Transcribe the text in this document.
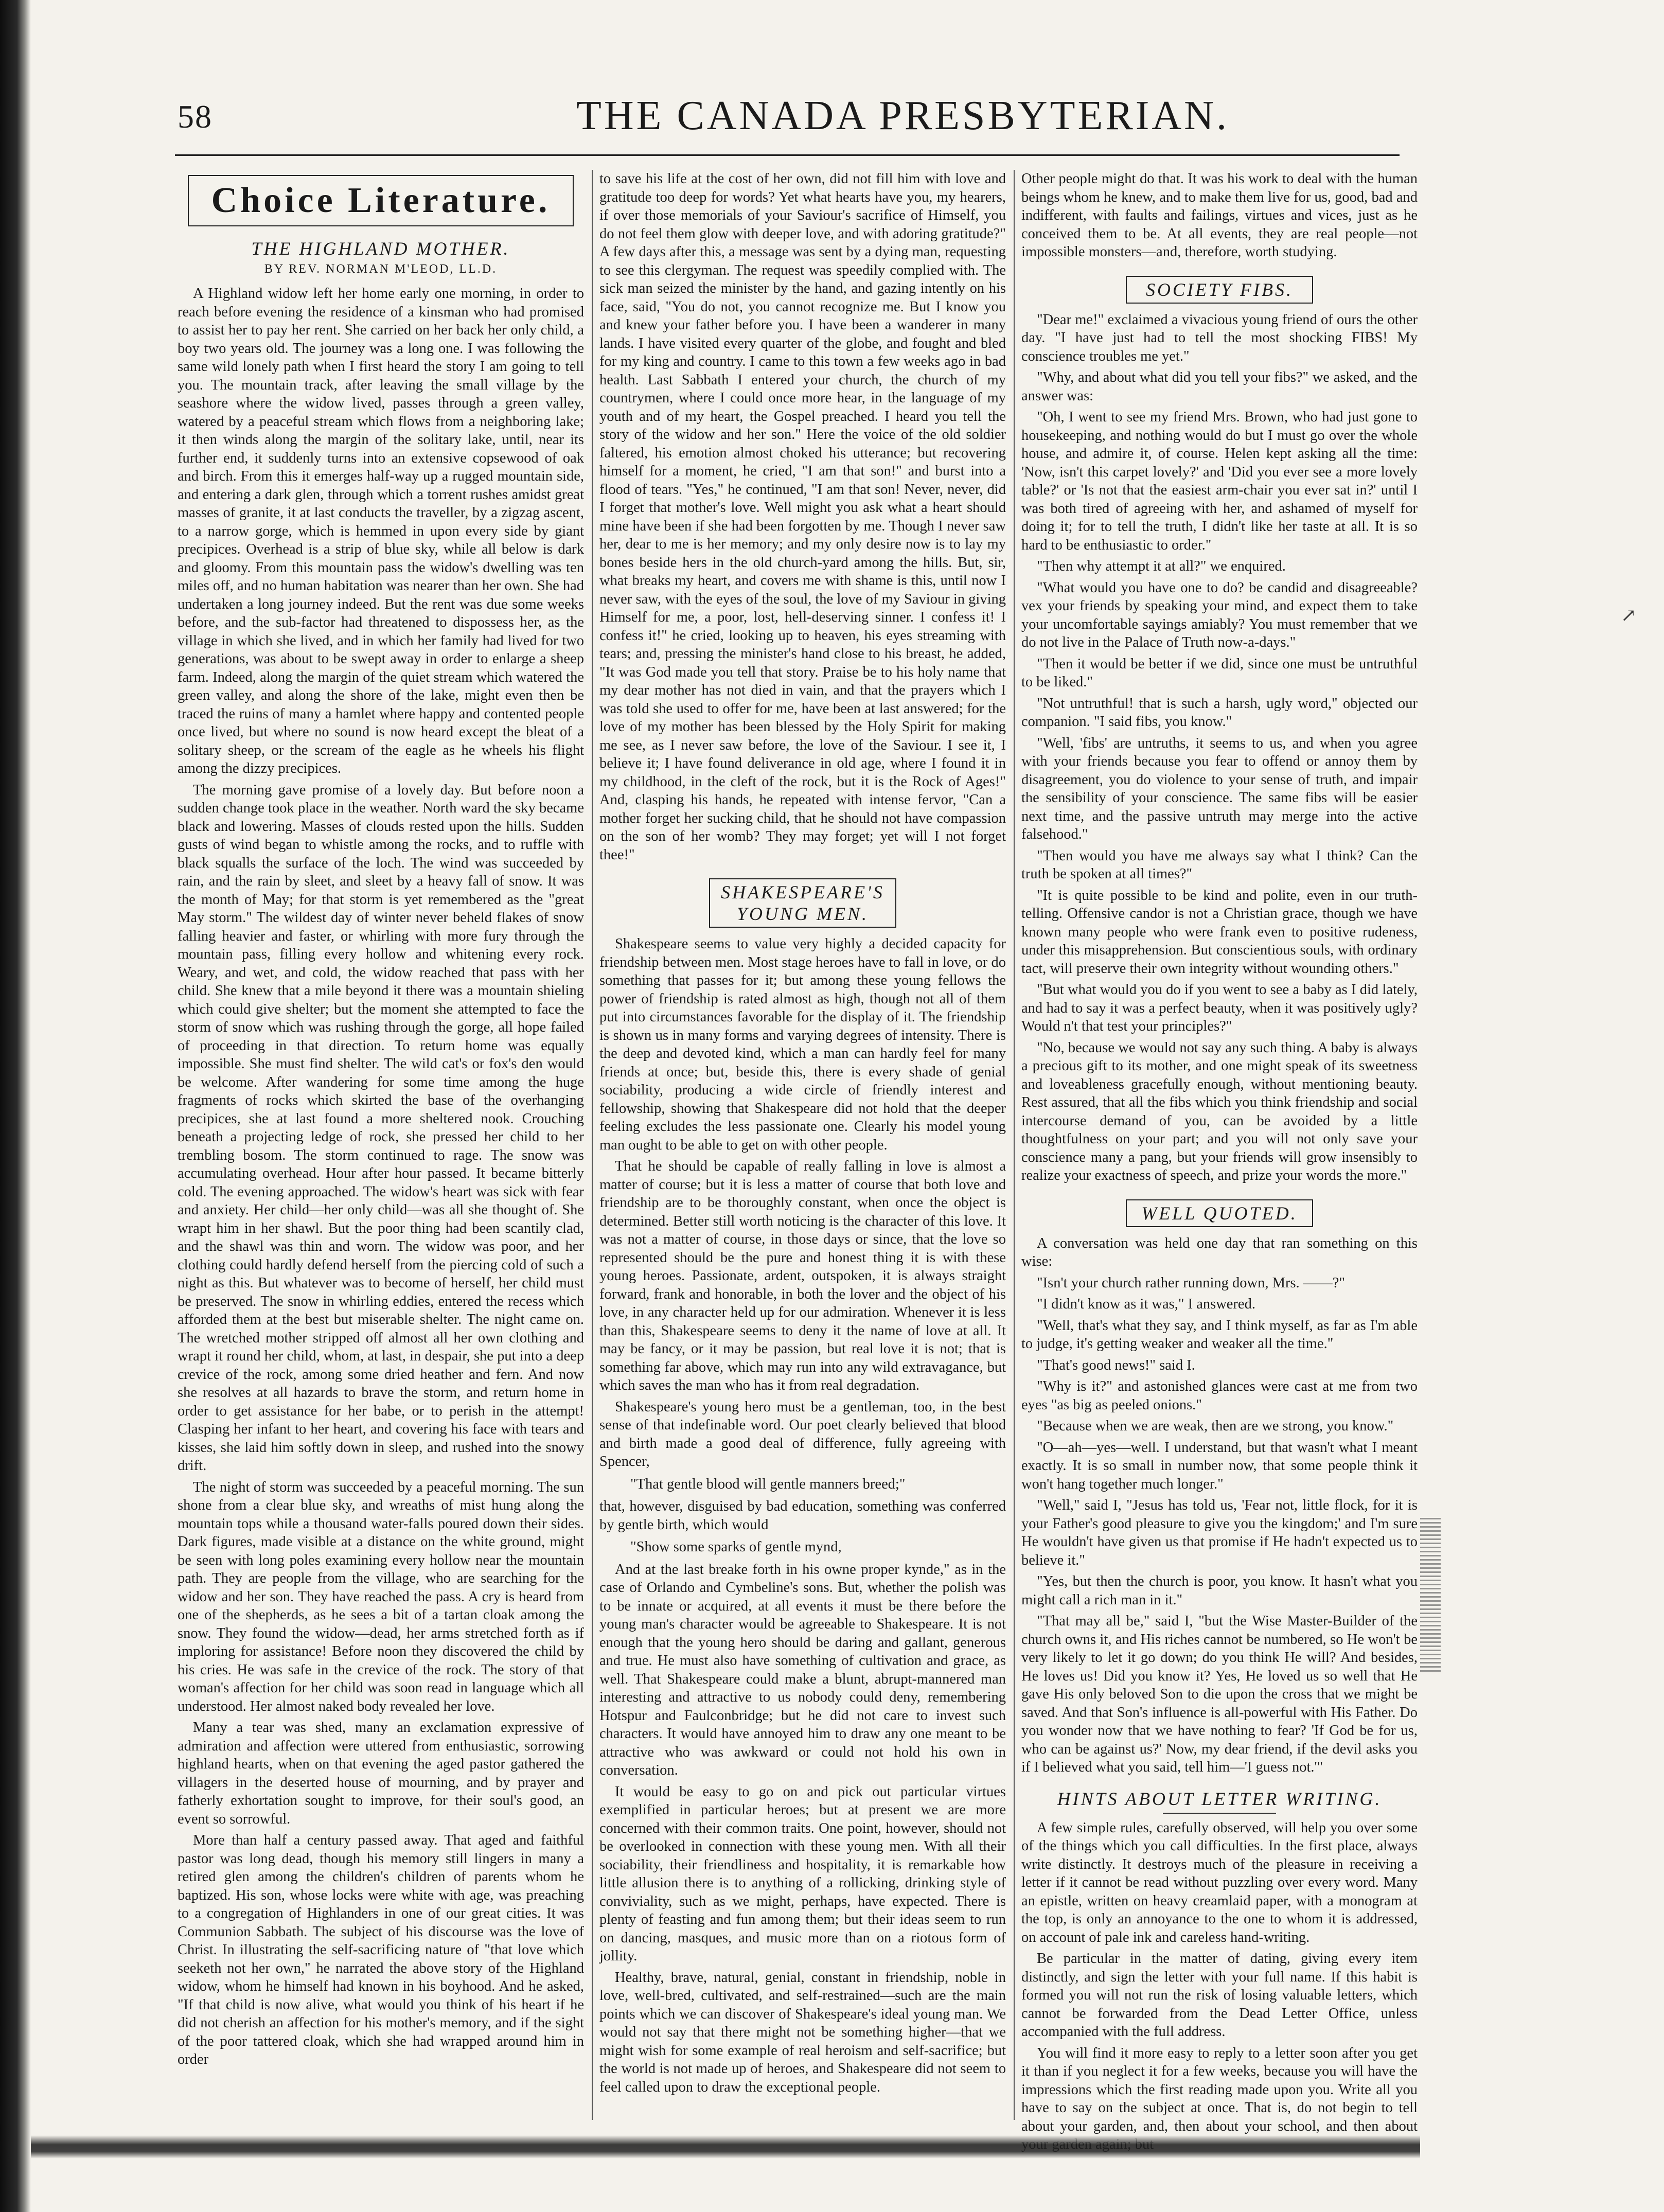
58	THE CANADA PRESBYTERIAN.
Choice Literature.
THE HIGHLAND MOTHER.
BY REV. NORMAN M'LEOD, LL.D.

A Highland widow left her home early one morning, in order to reach before evening the residence of a kinsman who had promised to assist her to pay her rent. She carried on her back her only child, a boy two years old. The journey was a long one. I was following the same wild lonely path when I first heard the story I am going to tell you. The mountain track, after leaving the small village by the seashore where the widow lived, passes through a green valley, watered by a peaceful stream which flows from a neighboring lake; it then winds along the margin of the solitary lake, until, near its further end, it suddenly turns into an extensive copsewood of oak and birch. From this it emerges half-way up a rugged mountain side, and entering a dark glen, through which a torrent rushes amidst great masses of granite, it at last conducts the traveller, by a zigzag ascent, to a narrow gorge, which is hemmed in upon every side by giant precipices. Overhead is a strip of blue sky, while all below is dark and gloomy. From this mountain pass the widow's dwelling was ten miles off, and no human habitation was nearer than her own. She had undertaken a long journey indeed. But the rent was due some weeks before, and the sub-factor had threatened to dispossess her, as the village in which she lived, and in which her family had lived for two generations, was about to be swept away in order to enlarge a sheep farm. Indeed, along the margin of the quiet stream which watered the green valley, and along the shore of the lake, might even then be traced the ruins of many a hamlet where happy and contented people once lived, but where no sound is now heard except the bleat of a solitary sheep, or the scream of the eagle as he wheels his flight among the dizzy precipices.

The morning gave promise of a lovely day. But before noon a sudden change took place in the weather. North ward the sky became black and lowering. Masses of clouds rested upon the hills. Sudden gusts of wind began to whistle among the rocks, and to ruffle with black squalls the surface of the loch. The wind was succeeded by rain, and the rain by sleet, and sleet by a heavy fall of snow. It was the month of May; for that storm is yet remembered as the "great May storm." The wildest day of winter never beheld flakes of snow falling heavier and faster, or whirling with more fury through the mountain pass, filling every hollow and whitening every rock. Weary, and wet, and cold, the widow reached that pass with her child. She knew that a mile beyond it there was a mountain shieling which could give shelter; but the moment she attempted to face the storm of snow which was rushing through the gorge, all hope failed of proceeding in that direction. To return home was equally impossible. She must find shelter. The wild cat's or fox's den would be welcome. After wandering for some time among the huge fragments of rocks which skirted the base of the overhanging precipices, she at last found a more sheltered nook. Crouching beneath a projecting ledge of rock, she pressed her child to her trembling bosom. The storm continued to rage. The snow was accumulating overhead. Hour after hour passed. It became bitterly cold. The evening approached. The widow's heart was sick with fear and anxiety. Her child—her only child—was all she thought of. She wrapt him in her shawl. But the poor thing had been scantily clad, and the shawl was thin and worn. The widow was poor, and her clothing could hardly defend herself from the piercing cold of such a night as this. But whatever was to become of herself, her child must be preserved. The snow in whirling eddies, entered the recess which afforded them at the best but miserable shelter. The night came on. The wretched mother stripped off almost all her own clothing and wrapt it round her child, whom, at last, in despair, she put into a deep crevice of the rock, among some dried heather and fern. And now she resolves at all hazards to brave the storm, and return home in order to get assistance for her babe, or to perish in the attempt! Clasping her infant to her heart, and covering his face with tears and kisses, she laid him softly down in sleep, and rushed into the snowy drift.

The night of storm was succeeded by a peaceful morning. The sun shone from a clear blue sky, and wreaths of mist hung along the mountain tops while a thousand water-falls poured down their sides. Dark figures, made visible at a distance on the white ground, might be seen with long poles examining every hollow near the mountain path. They are people from the village, who are searching for the widow and her son. They have reached the pass. A cry is heard from one of the shepherds, as he sees a bit of a tartan cloak among the snow. They found the widow—dead, her arms stretched forth as if imploring for assistance! Before noon they discovered the child by his cries. He was safe in the crevice of the rock. The story of that woman's affection for her child was soon read in language which all understood. Her almost naked body revealed her love.

Many a tear was shed, many an exclamation expressive of admiration and affection were uttered from enthusiastic, sorrowing highland hearts, when on that evening the aged pastor gathered the villagers in the deserted house of mourning, and by prayer and fatherly exhortation sought to improve, for their soul's good, an event so sorrowful.

More than half a century passed away. That aged and faithful pastor was long dead, though his memory still lingers in many a retired glen among the children's children of parents whom he baptized. His son, whose locks were white with age, was preaching to a congregation of Highlanders in one of our great cities. It was Communion Sabbath. The subject of his discourse was the love of Christ. In illustrating the self-sacrificing nature of "that love which seeketh not her own," he narrated the above story of the Highland widow, whom he himself had known in his boyhood. And he asked, "If that child is now alive, what would you think of his heart if he did not cherish an affection for his mother's memory, and if the sight of the poor tattered cloak, which she had wrapped around him in order

to save his life at the cost of her own, did not fill him with love and gratitude too deep for words? Yet what hearts have you, my hearers, if over those memorials of your Saviour's sacrifice of Himself, you do not feel them glow with deeper love, and with adoring gratitude?" A few days after this, a message was sent by a dying man, requesting to see this clergyman. The request was speedily complied with. The sick man seized the minister by the hand, and gazing intently on his face, said, "You do not, you cannot recognize me. But I know you and knew your father before you. I have been a wanderer in many lands. I have visited every quarter of the globe, and fought and bled for my king and country. I came to this town a few weeks ago in bad health. Last Sabbath I entered your church, the church of my countrymen, where I could once more hear, in the language of my youth and of my heart, the Gospel preached. I heard you tell the story of the widow and her son." Here the voice of the old soldier faltered, his emotion almost choked his utterance; but recovering himself for a moment, he cried, "I am that son!" and burst into a flood of tears. "Yes," he continued, "I am that son! Never, never, did I forget that mother's love. Well might you ask what a heart should mine have been if she had been forgotten by me. Though I never saw her, dear to me is her memory; and my only desire now is to lay my bones beside hers in the old church-yard among the hills. But, sir, what breaks my heart, and covers me with shame is this, until now I never saw, with the eyes of the soul, the love of my Saviour in giving Himself for me, a poor, lost, hell-deserving sinner. I confess it! I confess it!" he cried, looking up to heaven, his eyes streaming with tears; and, pressing the minister's hand close to his breast, he added, "It was God made you tell that story. Praise be to his holy name that my dear mother has not died in vain, and that the prayers which I was told she used to offer for me, have been at last answered; for the love of my mother has been blessed by the Holy Spirit for making me see, as I never saw before, the love of the Saviour. I see it, I believe it; I have found deliverance in old age, where I found it in my childhood, in the cleft of the rock, but it is the Rock of Ages!" And, clasping his hands, he repeated with intense fervor, "Can a mother forget her sucking child, that he should not have compassion on the son of her womb? They may forget; yet will I not forget thee!"

SHAKESPEARE'S YOUNG MEN.

Shakespeare seems to value very highly a decided capacity for friendship between men. Most stage heroes have to fall in love, or do something that passes for it; but among these young fellows the power of friendship is rated almost as high, though not all of them put into circumstances favorable for the display of it. The friendship is shown us in many forms and varying degrees of intensity. There is the deep and devoted kind, which a man can hardly feel for many friends at once; but, beside this, there is every shade of genial sociability, producing a wide circle of friendly interest and fellowship, showing that Shakespeare did not hold that the deeper feeling excludes the less passionate one. Clearly his model young man ought to be able to get on with other people.

That he should be capable of really falling in love is almost a matter of course; but it is less a matter of course that both love and friendship are to be thoroughly constant, when once the object is determined. Better still worth noticing is the character of this love. It was not a matter of course, in those days or since, that the love so represented should be the pure and honest thing it is with these young heroes. Passionate, ardent, outspoken, it is always straight forward, frank and honorable, in both the lover and the object of his love, in any character held up for our admiration. Whenever it is less than this, Shakespeare seems to deny it the name of love at all. It may be fancy, or it may be passion, but real love it is not; that is something far above, which may run into any wild extravagance, but which saves the man who has it from real degradation.

Shakespeare's young hero must be a gentleman, too, in the best sense of that indefinable word. Our poet clearly believed that blood and birth made a good deal of difference, fully agreeing with Spencer,

"That gentle blood will gentle manners breed;"

that, however, disguised by bad education, something was conferred by gentle birth, which would

"Show some sparks of gentle mynd,

And at the last breake forth in his owne proper kynde," as in the case of Orlando and Cymbeline's sons. But, whether the polish was to be innate or acquired, at all events it must be there before the young man's character would be agreeable to Shakespeare. It is not enough that the young hero should be daring and gallant, generous and true. He must also have something of cultivation and grace, as well. That Shakespeare could make a blunt, abrupt-mannered man interesting and attractive to us nobody could deny, remembering Hotspur and Faulconbridge; but he did not care to invest such characters. It would have annoyed him to draw any one meant to be attractive who was awkward or could not hold his own in conversation.

It would be easy to go on and pick out particular virtues exemplified in particular heroes; but at present we are more concerned with their common traits. One point, however, should not be overlooked in connection with these young men. With all their sociability, their friendliness and hospitality, it is remarkable how little allusion there is to anything of a rollicking, drinking style of conviviality, such as we might, perhaps, have expected. There is plenty of feasting and fun among them; but their ideas seem to run on dancing, masques, and music more than on a riotous form of jollity.

Healthy, brave, natural, genial, constant in friendship, noble in love, well-bred, cultivated, and self-restrained—such are the main points which we can discover of Shakespeare's ideal young man. We would not say that there might not be something higher—that we might wish for some example of real heroism and self-sacrifice; but the world is not made up of heroes, and Shakespeare did not seem to feel called upon to draw the exceptional people.

Other people might do that. It was his work to deal with the human beings whom he knew, and to make them live for us, good, bad and indifferent, with faults and failings, virtues and vices, just as he conceived them to be. At all events, they are real people—not impossible monsters—and, therefore, worth studying.

SOCIETY FIBS.

"Dear me!" exclaimed a vivacious young friend of ours the other day. "I have just had to tell the most shocking FIBS! My conscience troubles me yet."

"Why, and about what did you tell your fibs?" we asked, and the answer was:

"Oh, I went to see my friend Mrs. Brown, who had just gone to housekeeping, and nothing would do but I must go over the whole house, and admire it, of course. Helen kept asking all the time: 'Now, isn't this carpet lovely?' and 'Did you ever see a more lovely table?' or 'Is not that the easiest arm-chair you ever sat in?' until I was both tired of agreeing with her, and ashamed of myself for doing it; for to tell the truth, I didn't like her taste at all. It is so hard to be enthusiastic to order."

"Then why attempt it at all?" we enquired.

"What would you have one to do? be candid and disagreeable? vex your friends by speaking your mind, and expect them to take your uncomfortable sayings amiably? You must remember that we do not live in the Palace of Truth now-a-days."

"Then it would be better if we did, since one must be untruthful to be liked."

"Not untruthful! that is such a harsh, ugly word," objected our companion. "I said fibs, you know."

"Well, 'fibs' are untruths, it seems to us, and when you agree with your friends because you fear to offend or annoy them by disagreement, you do violence to your sense of truth, and impair the sensibility of your conscience. The same fibs will be easier next time, and the passive untruth may merge into the active falsehood."

"Then would you have me always say what I think? Can the truth be spoken at all times?"

"It is quite possible to be kind and polite, even in our truth-telling. Offensive candor is not a Christian grace, though we have known many people who were frank even to positive rudeness, under this misapprehension. But conscientious souls, with ordinary tact, will preserve their own integrity without wounding others."

"But what would you do if you went to see a baby as I did lately, and had to say it was a perfect beauty, when it was positively ugly? Would n't that test your principles?"

"No, because we would not say any such thing. A baby is always a precious gift to its mother, and one might speak of its sweetness and loveableness gracefully enough, without mentioning beauty. Rest assured, that all the fibs which you think friendship and social intercourse demand of you, can be avoided by a little thoughtfulness on your part; and you will not only save your conscience many a pang, but your friends will grow insensibly to realize your exactness of speech, and prize your words the more."

WELL QUOTED.

A conversation was held one day that ran something on this wise:

"Isn't your church rather running down, Mrs. ——?"

"I didn't know as it was," I answered.

"Well, that's what they say, and I think myself, as far as I'm able to judge, it's getting weaker and weaker all the time."

"That's good news!" said I.

"Why is it?" and astonished glances were cast at me from two eyes "as big as peeled onions."

"Because when we are weak, then are we strong, you know."

"O—ah—yes—well. I understand, but that wasn't what I meant exactly. It is so small in number now, that some people think it won't hang together much longer."

"Well," said I, "Jesus has told us, 'Fear not, little flock, for it is your Father's good pleasure to give you the kingdom;' and I'm sure He wouldn't have given us that promise if He hadn't expected us to believe it."

"Yes, but then the church is poor, you know. It hasn't what you might call a rich man in it."

"That may all be," said I, "but the Wise Master-Builder of the church owns it, and His riches cannot be numbered, so He won't be very likely to let it go down; do you think He will? And besides, He loves us! Did you know it? Yes, He loved us so well that He gave His only beloved Son to die upon the cross that we might be saved. And that Son's influence is all-powerful with His Father. Do you wonder now that we have nothing to fear? 'If God be for us, who can be against us?' Now, my dear friend, if the devil asks you if I believed what you said, tell him—'I guess not.'"

HINTS ABOUT LETTER WRITING.

A few simple rules, carefully observed, will help you over some of the things which you call difficulties. In the first place, always write distinctly. It destroys much of the pleasure in receiving a letter if it cannot be read without puzzling over every word. Many an epistle, written on heavy creamlaid paper, with a monogram at the top, is only an annoyance to the one to whom it is addressed, on account of pale ink and careless hand-writing.

Be particular in the matter of dating, giving every item distinctly, and sign the letter with your full name. If this habit is formed you will not run the risk of losing valuable letters, which cannot be forwarded from the Dead Letter Office, unless accompanied with the full address.

You will find it more easy to reply to a letter soon after you get it than if you neglect it for a few weeks, because you will have the impressions which the first reading made upon you. Write all you have to say on the subject at once. That is, do not begin to tell about your garden, and, then about your school, and then about

↗
